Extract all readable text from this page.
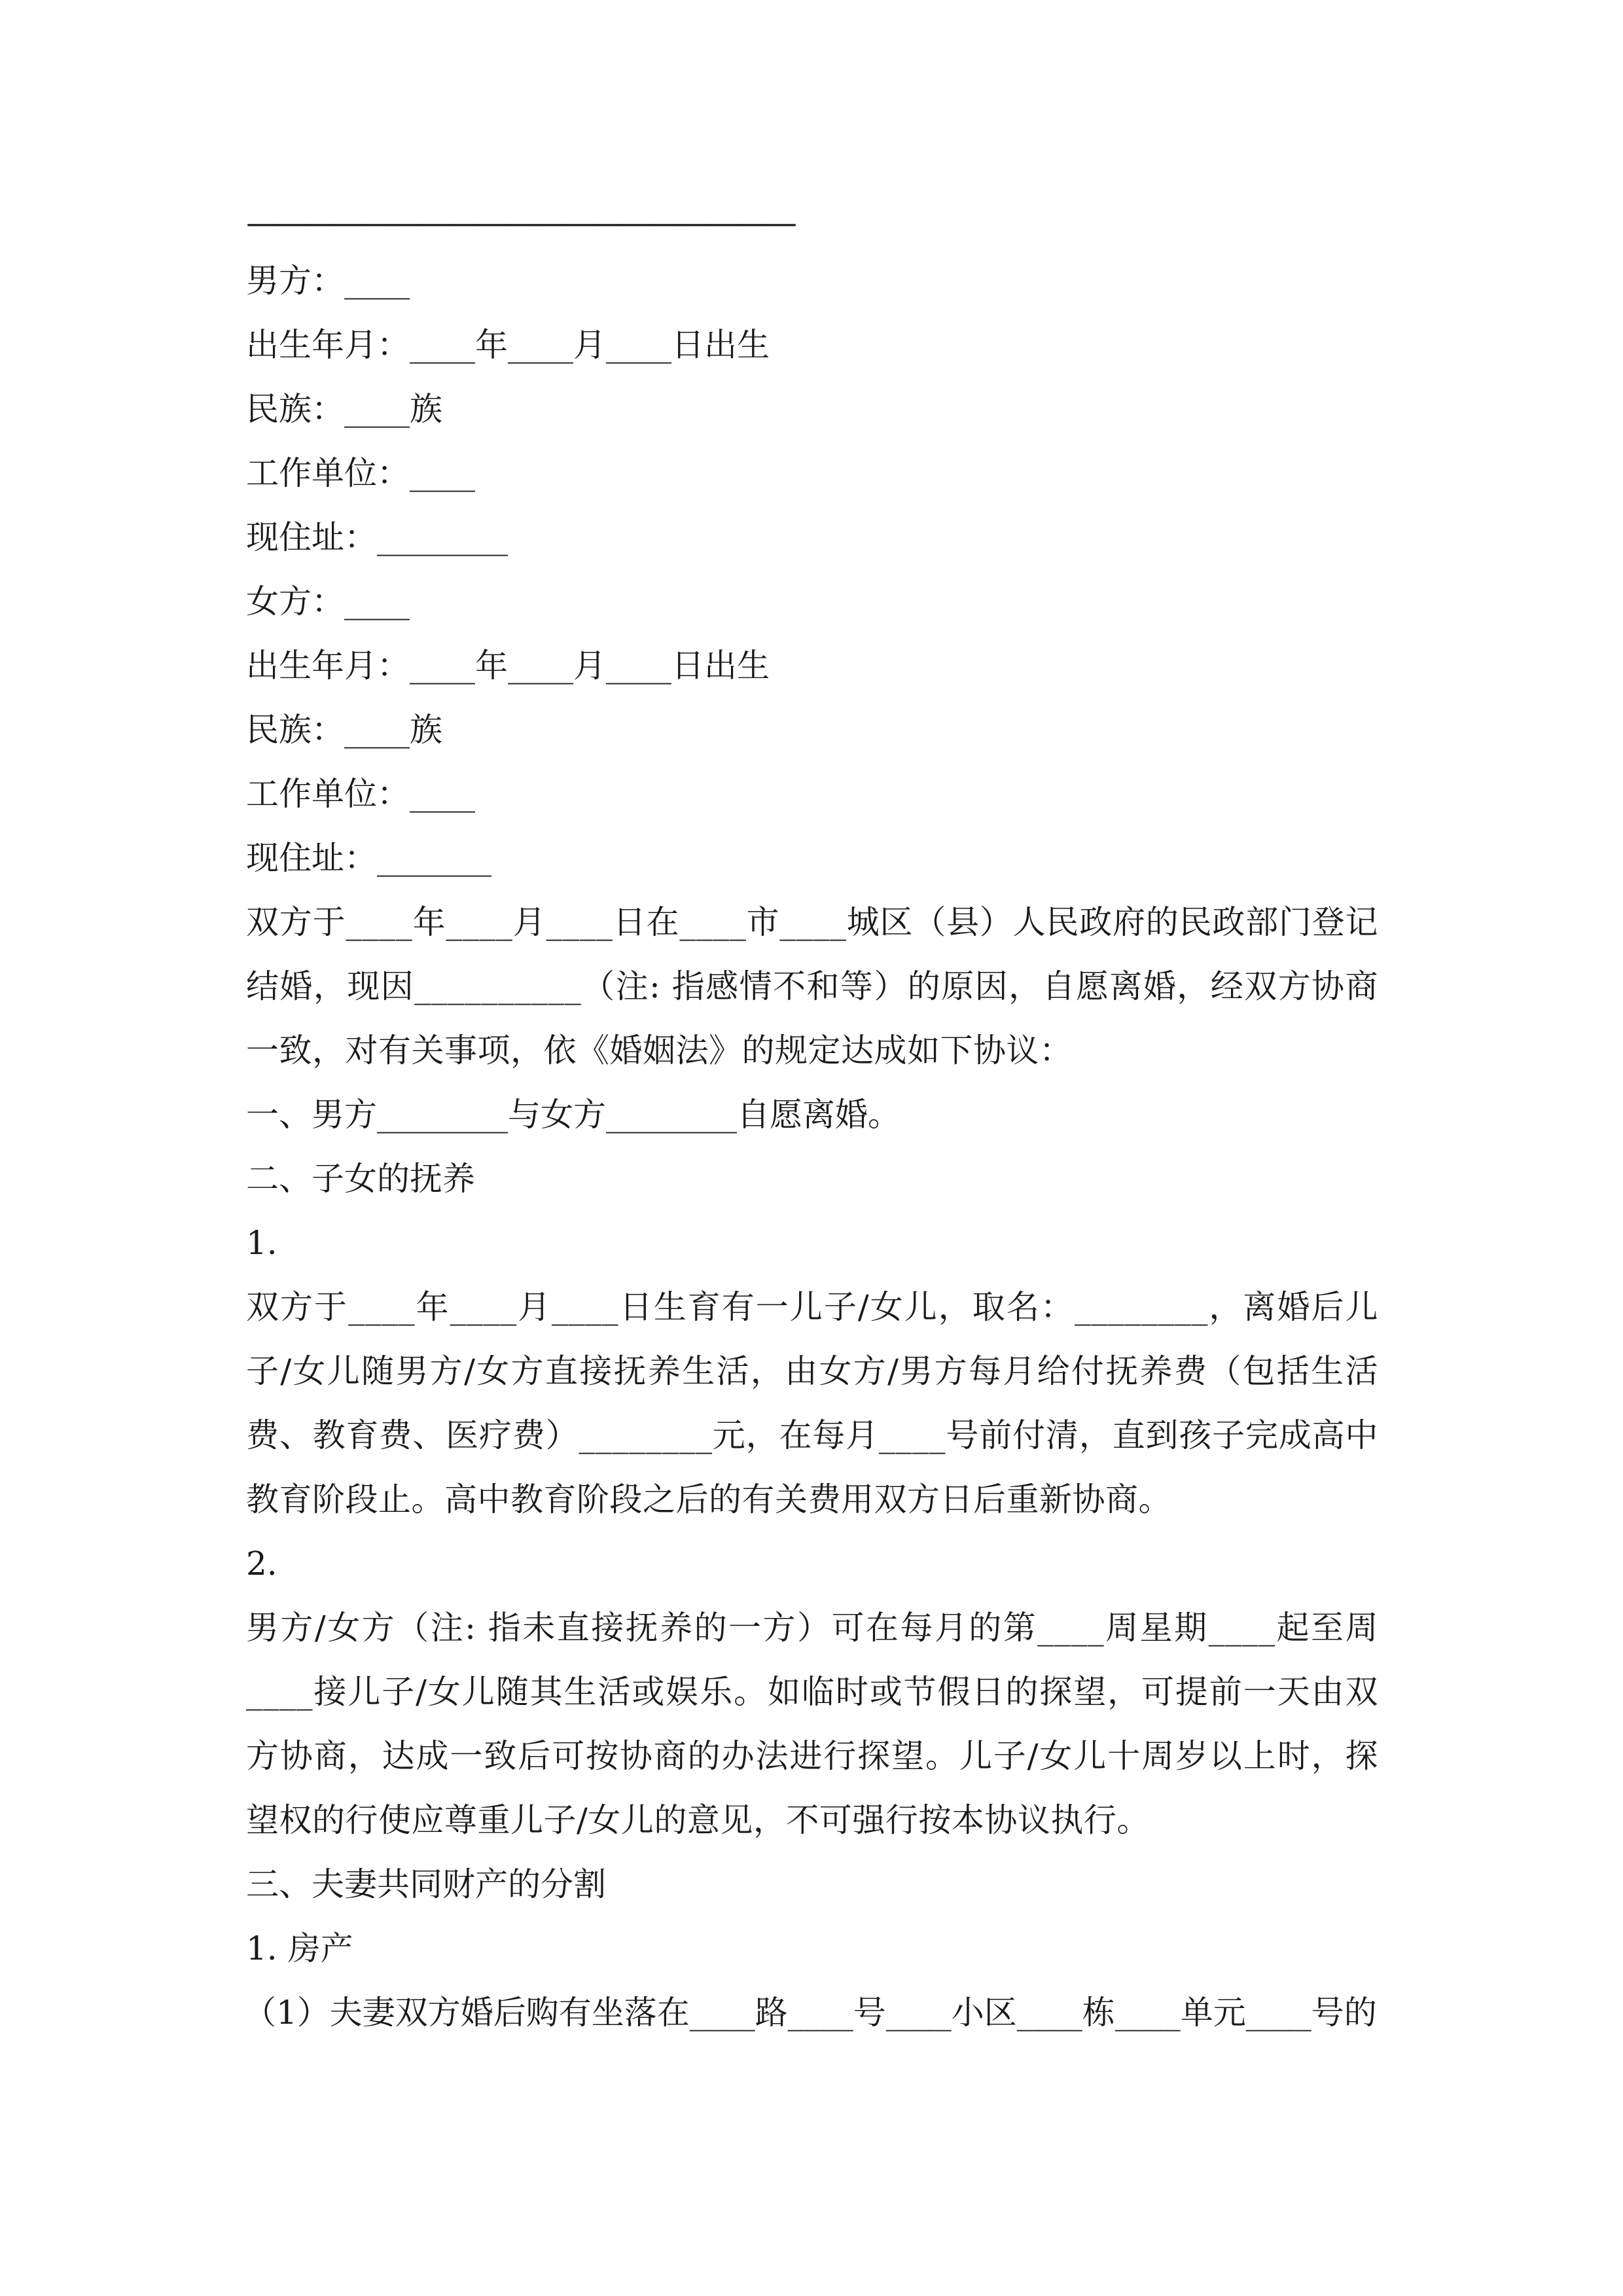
———————————————————
男方：____
出生年月：____年____月____日出生
民族：____族
工作单位：____
现住址：________
女方：____
出生年月：____年____月____日出生
民族：____族
工作单位：____
现住址：_______
双方于____年____月____日在____市____城区（县）人民政府的民政部门登记结婚，现因__________（注: 指感情不和等）的原因，自愿离婚，经双方协商一致，对有关事项，依《婚姻法》的规定达成如下协议：
一、男方________与女方________自愿离婚。
二、子女的抚养
1.
双方于____年____月____日生育有一儿子/女儿，取名：________，离婚后儿子/女儿随男方/女方直接抚养生活，由女方/男方每月给付抚养费（包括生活费、教育费、医疗费）________元，在每月____号前付清，直到孩子完成高中教育阶段止。高中教育阶段之后的有关费用双方日后重新协商。
2.
男方/女方（注: 指未直接抚养的一方）可在每月的第____周星期____起至周____接儿子/女儿随其生活或娱乐。如临时或节假日的探望，可提前一天由双方协商，达成一致后可按协商的办法进行探望。儿子/女儿十周岁以上时，探望权的行使应尊重儿子/女儿的意见，不可强行按本协议执行。
三、夫妻共同财产的分割
1. 房产
（1）夫妻双方婚后购有坐落在____路____号____小区____栋____单元____号的
